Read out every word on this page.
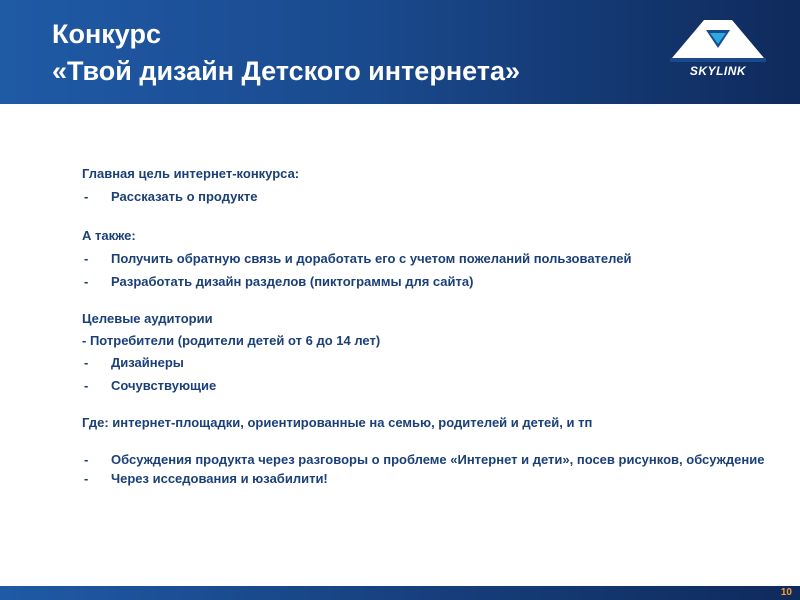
Конкурс
«Твой дизайн Детского интернета»	SKYLINK
Главная цель интернет-конкурса:
- Рассказать о продукте
А также:
- Получить обратную связь и доработать его с учетом пожеланий пользователей
- Разработать дизайн разделов (пиктограммы для сайта)
Целевые аудитории
- Потребители (родители детей от 6 до 14 лет)
- Дизайнеры
- Сочувствующие
Где: интернет-площадки, ориентированные на семью, родителей и детей, и тп
- Обсуждения продукта через разговоры о проблеме «Интернет и дети», посев рисунков, обсуждение
- Через исседования и юзабилити!
10
